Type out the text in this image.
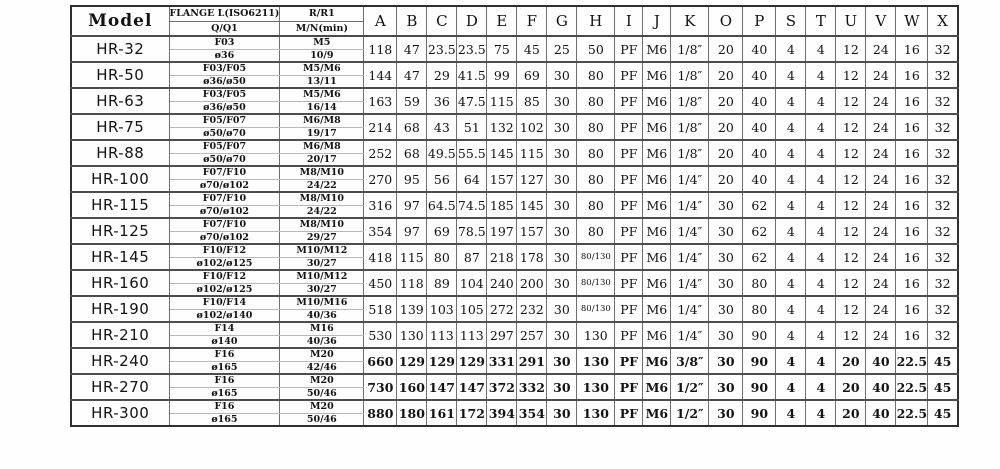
Model	FLANGE L(ISO6211)	R/R1	A	B	C	D	E	F	G	H	I	J	K	O	P	S	T	U	V	W	X
	Q/Q1	M/N(min)																			
HR-32	F03	M5	118	47	23.5	23.5	75	45	25	50	PF	M6	1/8″	20	40	4	4	12	24	16	32
	ø36	10/9																			
HR-50	F03/F05	M5/M6	144	47	29	41.5	99	69	30	80	PF	M6	1/8″	20	40	4	4	12	24	16	32
	ø36/ø50	13/11																			
HR-63	F03/F05	M5/M6	163	59	36	47.5	115	85	30	80	PF	M6	1/8″	20	40	4	4	12	24	16	32
	ø36/ø50	16/14																			
HR-75	F05/F07	M6/M8	214	68	43	51	132	102	30	80	PF	M6	1/8″	20	40	4	4	12	24	16	32
	ø50/ø70	19/17																			
HR-88	F05/F07	M6/M8	252	68	49.5	55.5	145	115	30	80	PF	M6	1/8″	20	40	4	4	12	24	16	32
	ø50/ø70	20/17																			
HR-100	F07/F10	M8/M10	270	95	56	64	157	127	30	80	PF	M6	1/4″	20	40	4	4	12	24	16	32
	ø70/ø102	24/22																			
HR-115	F07/F10	M8/M10	316	97	64.5	74.5	185	145	30	80	PF	M6	1/4″	30	62	4	4	12	24	16	32
	ø70/ø102	24/22																			
HR-125	F07/F10	M8/M10	354	97	69	78.5	197	157	30	80	PF	M6	1/4″	30	62	4	4	12	24	16	32
	ø70/ø102	29/27																			
HR-145	F10/F12	M10/M12	418	115	80	87	218	178	30	80/130	PF	M6	1/4″	30	62	4	4	12	24	16	32
	ø102/ø125	30/27																			
HR-160	F10/F12	M10/M12	450	118	89	104	240	200	30	80/130	PF	M6	1/4″	30	80	4	4	12	24	16	32
	ø102/ø125	30/27																			
HR-190	F10/F14	M10/M16	518	139	103	105	272	232	30	80/130	PF	M6	1/4″	30	80	4	4	12	24	16	32
	ø102/ø140	40/36																			
HR-210	F14	M16	530	130	113	113	297	257	30	130	PF	M6	1/4″	30	90	4	4	12	24	16	32
	ø140	40/36																			
HR-240	F16	M20	660	129	129	129	331	291	30	130	PF	M6	3/8″	30	90	4	4	20	40	22.5	45
	ø165	42/46																			
HR-270	F16	M20	730	160	147	147	372	332	30	130	PF	M6	1/2″	30	90	4	4	20	40	22.5	45
	ø165	50/46																			
HR-300	F16	M20	880	180	161	172	394	354	30	130	PF	M6	1/2″	30	90	4	4	20	40	22.5	45
	ø165	50/46																			
